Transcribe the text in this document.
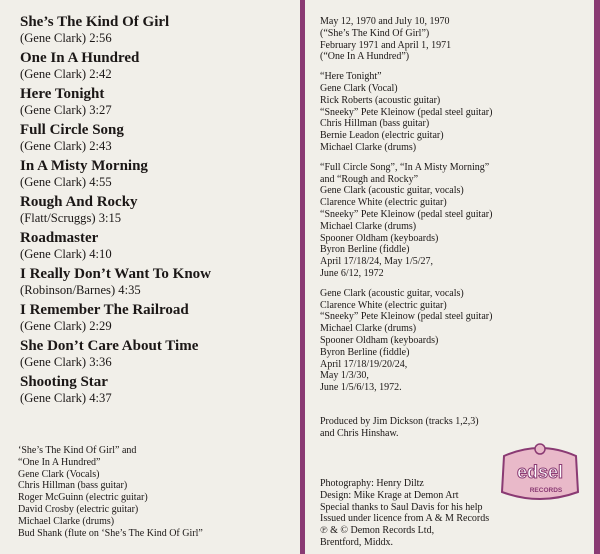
She’s The Kind Of Girl
(Gene Clark) 2:56
One In A Hundred
(Gene Clark) 2:42
Here Tonight
(Gene Clark) 3:27
Full Circle Song
(Gene Clark) 2:43
In A Misty Morning
(Gene Clark) 4:55
Rough And Rocky
(Flatt/Scruggs) 3:15
Roadmaster
(Gene Clark) 4:10
I Really Don’t Want To Know
(Robinson/Barnes) 4:35
I Remember The Railroad
(Gene Clark) 2:29
She Don’t Care About Time
(Gene Clark) 3:36
Shooting Star
(Gene Clark) 4:37
‘She’s The Kind Of Girl” and
“One In A Hundred”
Gene Clark (Vocals)
Chris Hillman (bass guitar)
Roger McGuinn (electric guitar)
David Crosby (electric guitar)
Michael Clarke (drums)
Bud Shank (flute on ‘She’s The Kind Of Girl”
May 12, 1970 and July 10, 1970
(“She’s The Kind Of Girl”)
February 1971 and April 1, 1971
(“One In A Hundred”)
“Here Tonight”
Gene Clark (Vocal)
Rick Roberts (acoustic guitar)
“Sneeky” Pete Kleinow (pedal steel guitar)
Chris Hillman (bass guitar)
Bernie Leadon (electric guitar)
Michael Clarke (drums)
“Full Circle Song”, “In A Misty Morning”
and “Rough and Rocky”
Gene Clark (acoustic guitar, vocals)
Clarence White (electric guitar)
“Sneeky” Pete Kleinow (pedal steel guitar)
Michael Clarke (drums)
Spooner Oldham (keyboards)
Byron Berline (fiddle)
April 17/18/24, May 1/5/27,
June 6/12, 1972
Gene Clark (acoustic guitar, vocals)
Clarence White (electric guitar)
“Sneeky” Pete Kleinow (pedal steel guitar)
Michael Clarke (drums)
Spooner Oldham (keyboards)
Byron Berline (fiddle)
April 17/18/19/20/24,
May 1/3/30,
June 1/5/6/13, 1972.
Produced by Jim Dickson (tracks 1,2,3)
and Chris Hinshaw.
Photography: Henry Diltz
Design: Mike Krage at Demon Art
Special thanks to Saul Davis for his help
Issued under licence from A & M Records
℗ & © Demon Records Ltd,
Brentford, Middx.
edsel
RECORDS
